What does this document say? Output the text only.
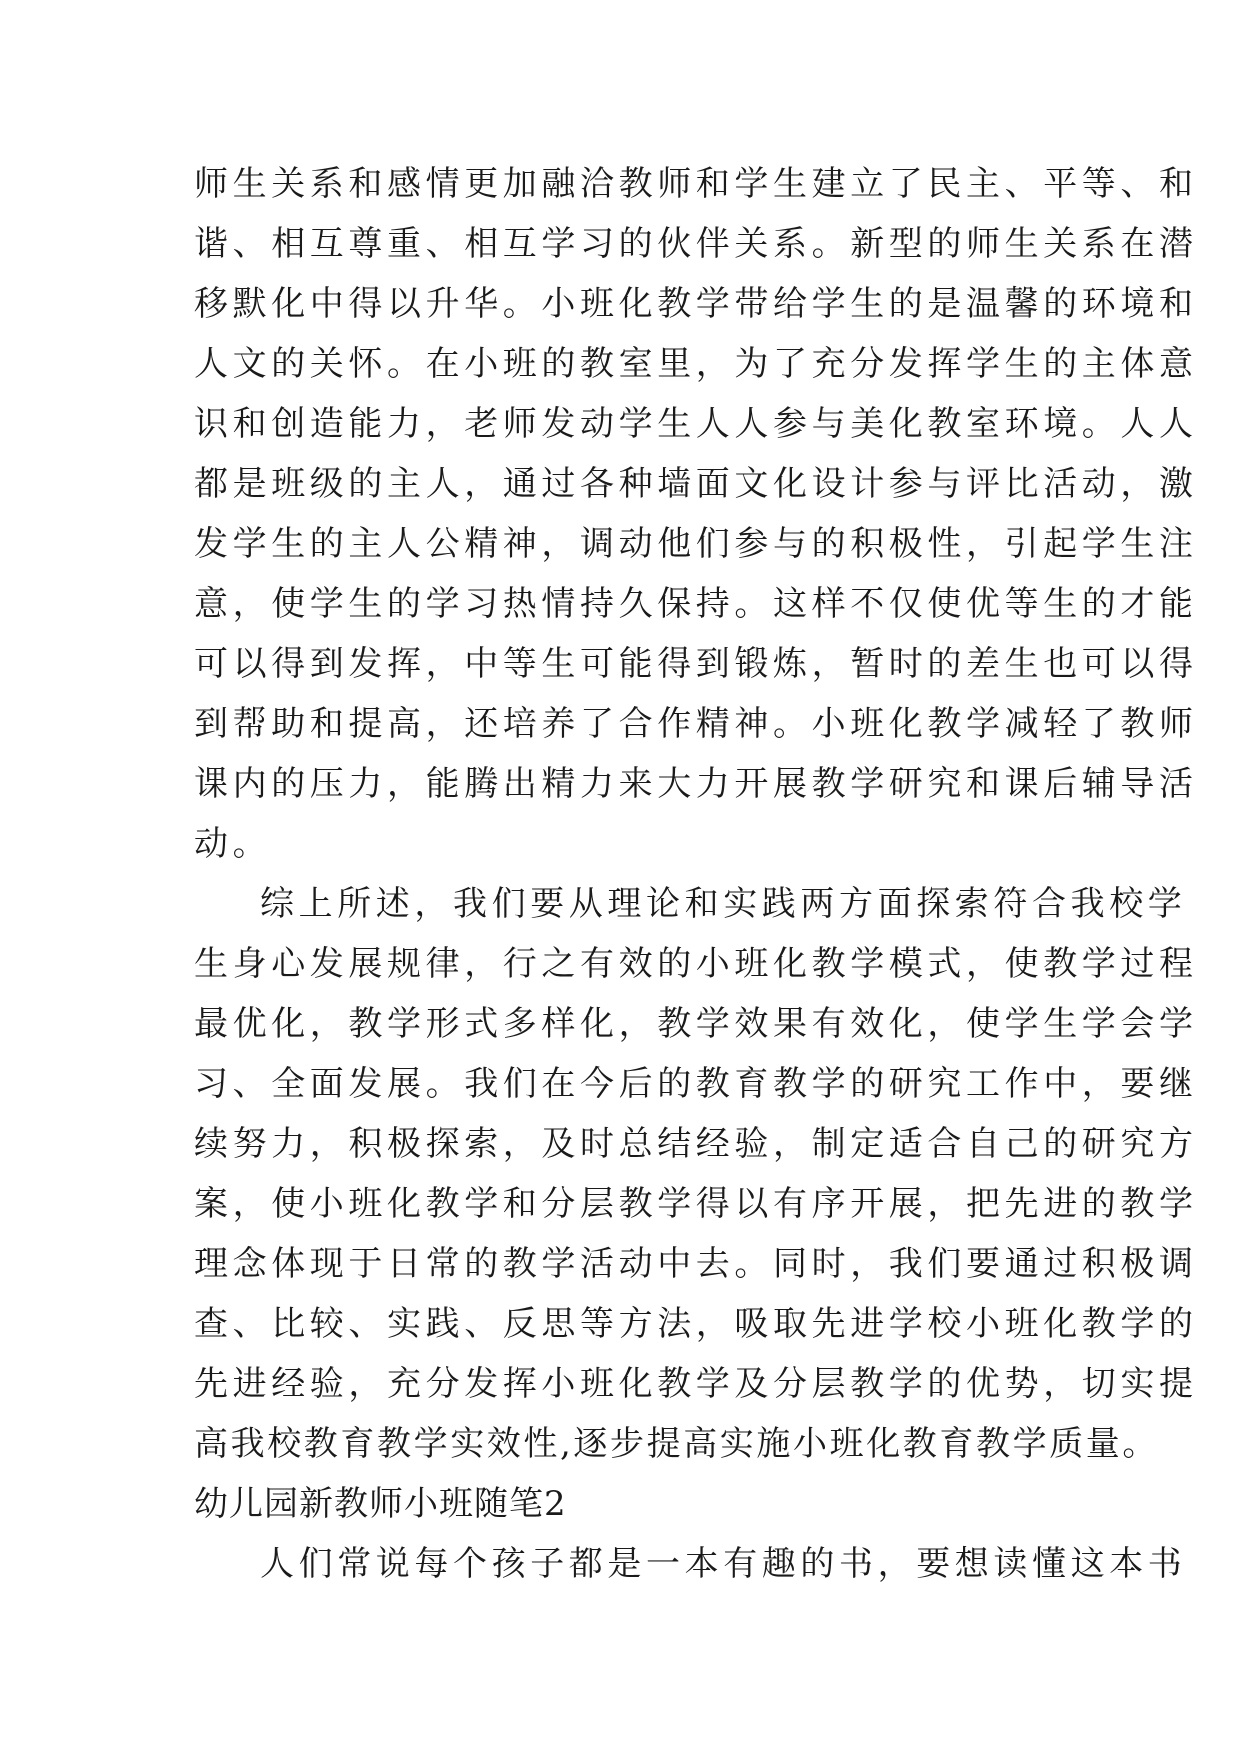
师生关系和感情更加融洽教师和学生建立了民主、平等、和
谐、相互尊重、相互学习的伙伴关系。新型的师生关系在潜
移默化中得以升华。小班化教学带给学生的是温馨的环境和
人文的关怀。在小班的教室里，为了充分发挥学生的主体意
识和创造能力，老师发动学生人人参与美化教室环境。人人
都是班级的主人，通过各种墙面文化设计参与评比活动，激
发学生的主人公精神，调动他们参与的积极性，引起学生注
意，使学生的学习热情持久保持。这样不仅使优等生的才能
可以得到发挥，中等生可能得到锻炼，暂时的差生也可以得
到帮助和提高，还培养了合作精神。小班化教学减轻了教师
课内的压力，能腾出精力来大力开展教学研究和课后辅导活
动。
综上所述，我们要从理论和实践两方面探索符合我校学
生身心发展规律，行之有效的小班化教学模式，使教学过程
最优化，教学形式多样化，教学效果有效化，使学生学会学
习、全面发展。我们在今后的教育教学的研究工作中，要继
续努力，积极探索，及时总结经验，制定适合自己的研究方
案，使小班化教学和分层教学得以有序开展，把先进的教学
理念体现于日常的教学活动中去。同时，我们要通过积极调
查、比较、实践、反思等方法，吸取先进学校小班化教学的
先进经验，充分发挥小班化教学及分层教学的优势，切实提
高我校教育教学实效性,逐步提高实施小班化教育教学质量。
幼儿园新教师小班随笔2
人们常说每个孩子都是一本有趣的书，要想读懂这本书
